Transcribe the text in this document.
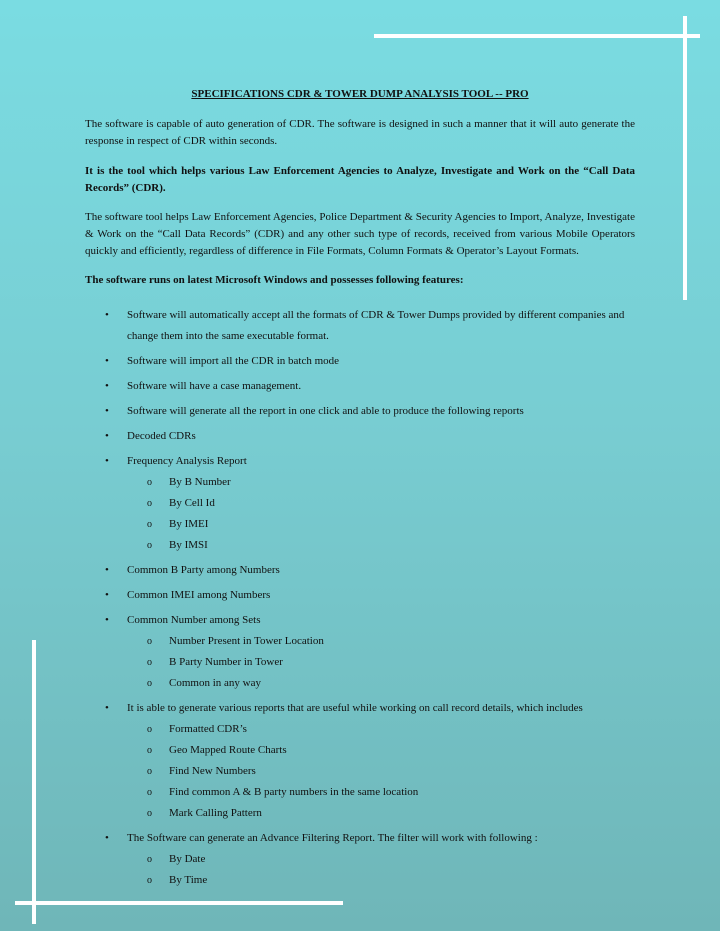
SPECIFICATIONS CDR & TOWER DUMP ANALYSIS TOOL -- PRO

The software is capable of auto generation of CDR. The software is designed in such a manner that it will auto generate the response in respect of CDR within seconds.

It is the tool which helps various Law Enforcement Agencies to Analyze, Investigate and Work on the “Call Data Records” (CDR).

The software tool helps Law Enforcement Agencies, Police Department & Security Agencies to Import, Analyze, Investigate & Work on the “Call Data Records” (CDR) and any other such type of records, received from various Mobile Operators quickly and efficiently, regardless of difference in File Formats, Column Formats & Operator’s Layout Formats.

The software runs on latest Microsoft Windows and possesses following features:

• Software will automatically accept all the formats of CDR & Tower Dumps provided by different companies and change them into the same executable format.
• Software will import all the CDR in batch mode
• Software will have a case management.
• Software will generate all the report in one click and able to produce the following reports
• Decoded CDRs
• Frequency Analysis Report
o By B Number
o By Cell Id
o By IMEI
o By IMSI
• Common B Party among Numbers
• Common IMEI among Numbers
• Common Number among Sets
o Number Present in Tower Location
o B Party Number in Tower
o Common in any way
• It is able to generate various reports that are useful while working on call record details, which includes
o Formatted CDR’s
o Geo Mapped Route Charts
o Find New Numbers
o Find common A & B party numbers in the same location
o Mark Calling Pattern
• The Software can generate an Advance Filtering Report. The filter will work with following :
o By Date
o By Time
